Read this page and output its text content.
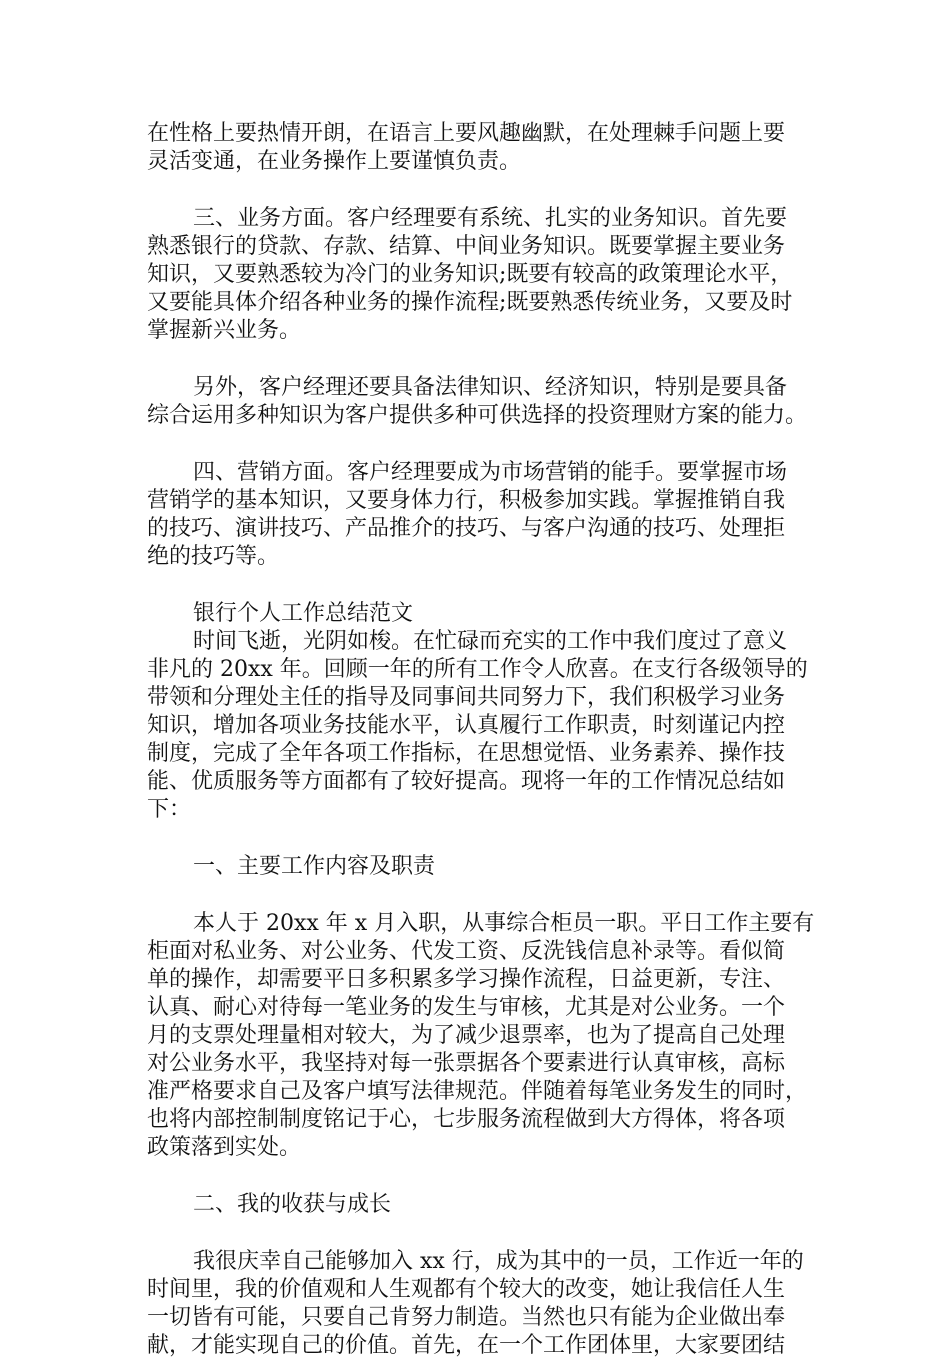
在性格上要热情开朗，在语言上要风趣幽默，在处理棘手问题上要
灵活变通，在业务操作上要谨慎负责。
三、业务方面。客户经理要有系统、扎实的业务知识。首先要
熟悉银行的贷款、存款、结算、中间业务知识。既要掌握主要业务
知识，又要熟悉较为冷门的业务知识;既要有较高的政策理论水平，
又要能具体介绍各种业务的操作流程;既要熟悉传统业务，又要及时
掌握新兴业务。
另外，客户经理还要具备法律知识、经济知识，特别是要具备
综合运用多种知识为客户提供多种可供选择的投资理财方案的能力。
四、营销方面。客户经理要成为市场营销的能手。要掌握市场
营销学的基本知识，又要身体力行，积极参加实践。掌握推销自我
的技巧、演讲技巧、产品推介的技巧、与客户沟通的技巧、处理拒
绝的技巧等。
银行个人工作总结范文
时间飞逝，光阴如梭。在忙碌而充实的工作中我们度过了意义
非凡的 20xx 年。回顾一年的所有工作令人欣喜。在支行各级领导的
带领和分理处主任的指导及同事间共同努力下，我们积极学习业务
知识，增加各项业务技能水平，认真履行工作职责，时刻谨记内控
制度，完成了全年各项工作指标，在思想觉悟、业务素养、操作技
能、优质服务等方面都有了较好提高。现将一年的工作情况总结如
下：
一、主要工作内容及职责
本人于 20xx 年 x 月入职，从事综合柜员一职。平日工作主要有
柜面对私业务、对公业务、代发工资、反洗钱信息补录等。看似简
单的操作，却需要平日多积累多学习操作流程，日益更新，专注、
认真、耐心对待每一笔业务的发生与审核，尤其是对公业务。一个
月的支票处理量相对较大，为了减少退票率，也为了提高自己处理
对公业务水平，我坚持对每一张票据各个要素进行认真审核，高标
准严格要求自己及客户填写法律规范。伴随着每笔业务发生的同时，
也将内部控制制度铭记于心，七步服务流程做到大方得体，将各项
政策落到实处。
二、我的收获与成长
我很庆幸自己能够加入 xx 行，成为其中的一员，工作近一年的
时间里，我的价值观和人生观都有个较大的改变，她让我信任人生
一切皆有可能，只要自己肯努力制造。当然也只有能为企业做出奉
献，才能实现自己的价值。首先，在一个工作团体里，大家要团结
